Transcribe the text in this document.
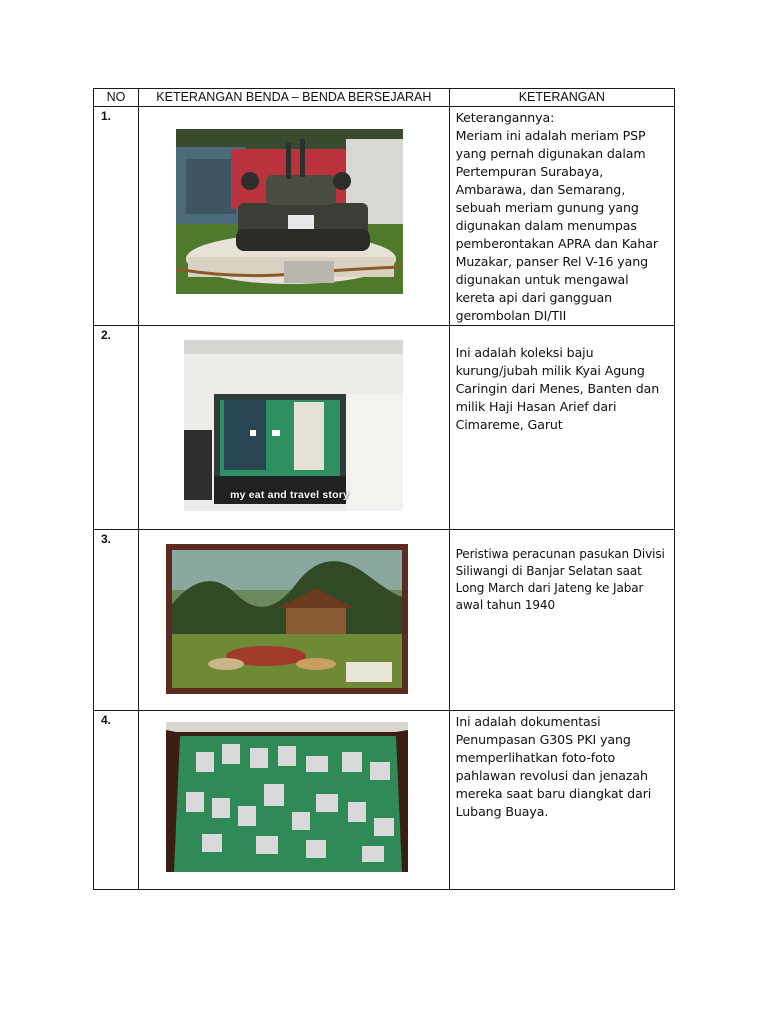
NO	KETERANGAN BENDA – BENDA BERSEJARAH	KETERANGAN
1.		Keterangannya:
Meriam ini adalah meriam PSP yang pernah digunakan dalam Pertempuran Surabaya, Ambarawa, dan Semarang, sebuah meriam gunung yang digunakan dalam menumpas pemberontakan APRA dan Kahar Muzakar, panser Rel V-16 yang digunakan untuk mengawal kereta api dari gangguan gerombolan DI/TII

2.	my eat and travel story	Ini adalah koleksi baju kurung/jubah milik Kyai Agung Caringin dari Menes, Banten dan milik Haji Hasan Arief dari Cimareme, Garut

3.		Peristiwa peracunan pasukan Divisi Siliwangi di Banjar Selatan saat Long March dari Jateng ke Jabar awal tahun 1940

4.		Ini adalah dokumentasi Penumpasan G30S PKI yang memperlihatkan foto-foto pahlawan revolusi dan jenazah mereka saat baru diangkat dari Lubang Buaya.
